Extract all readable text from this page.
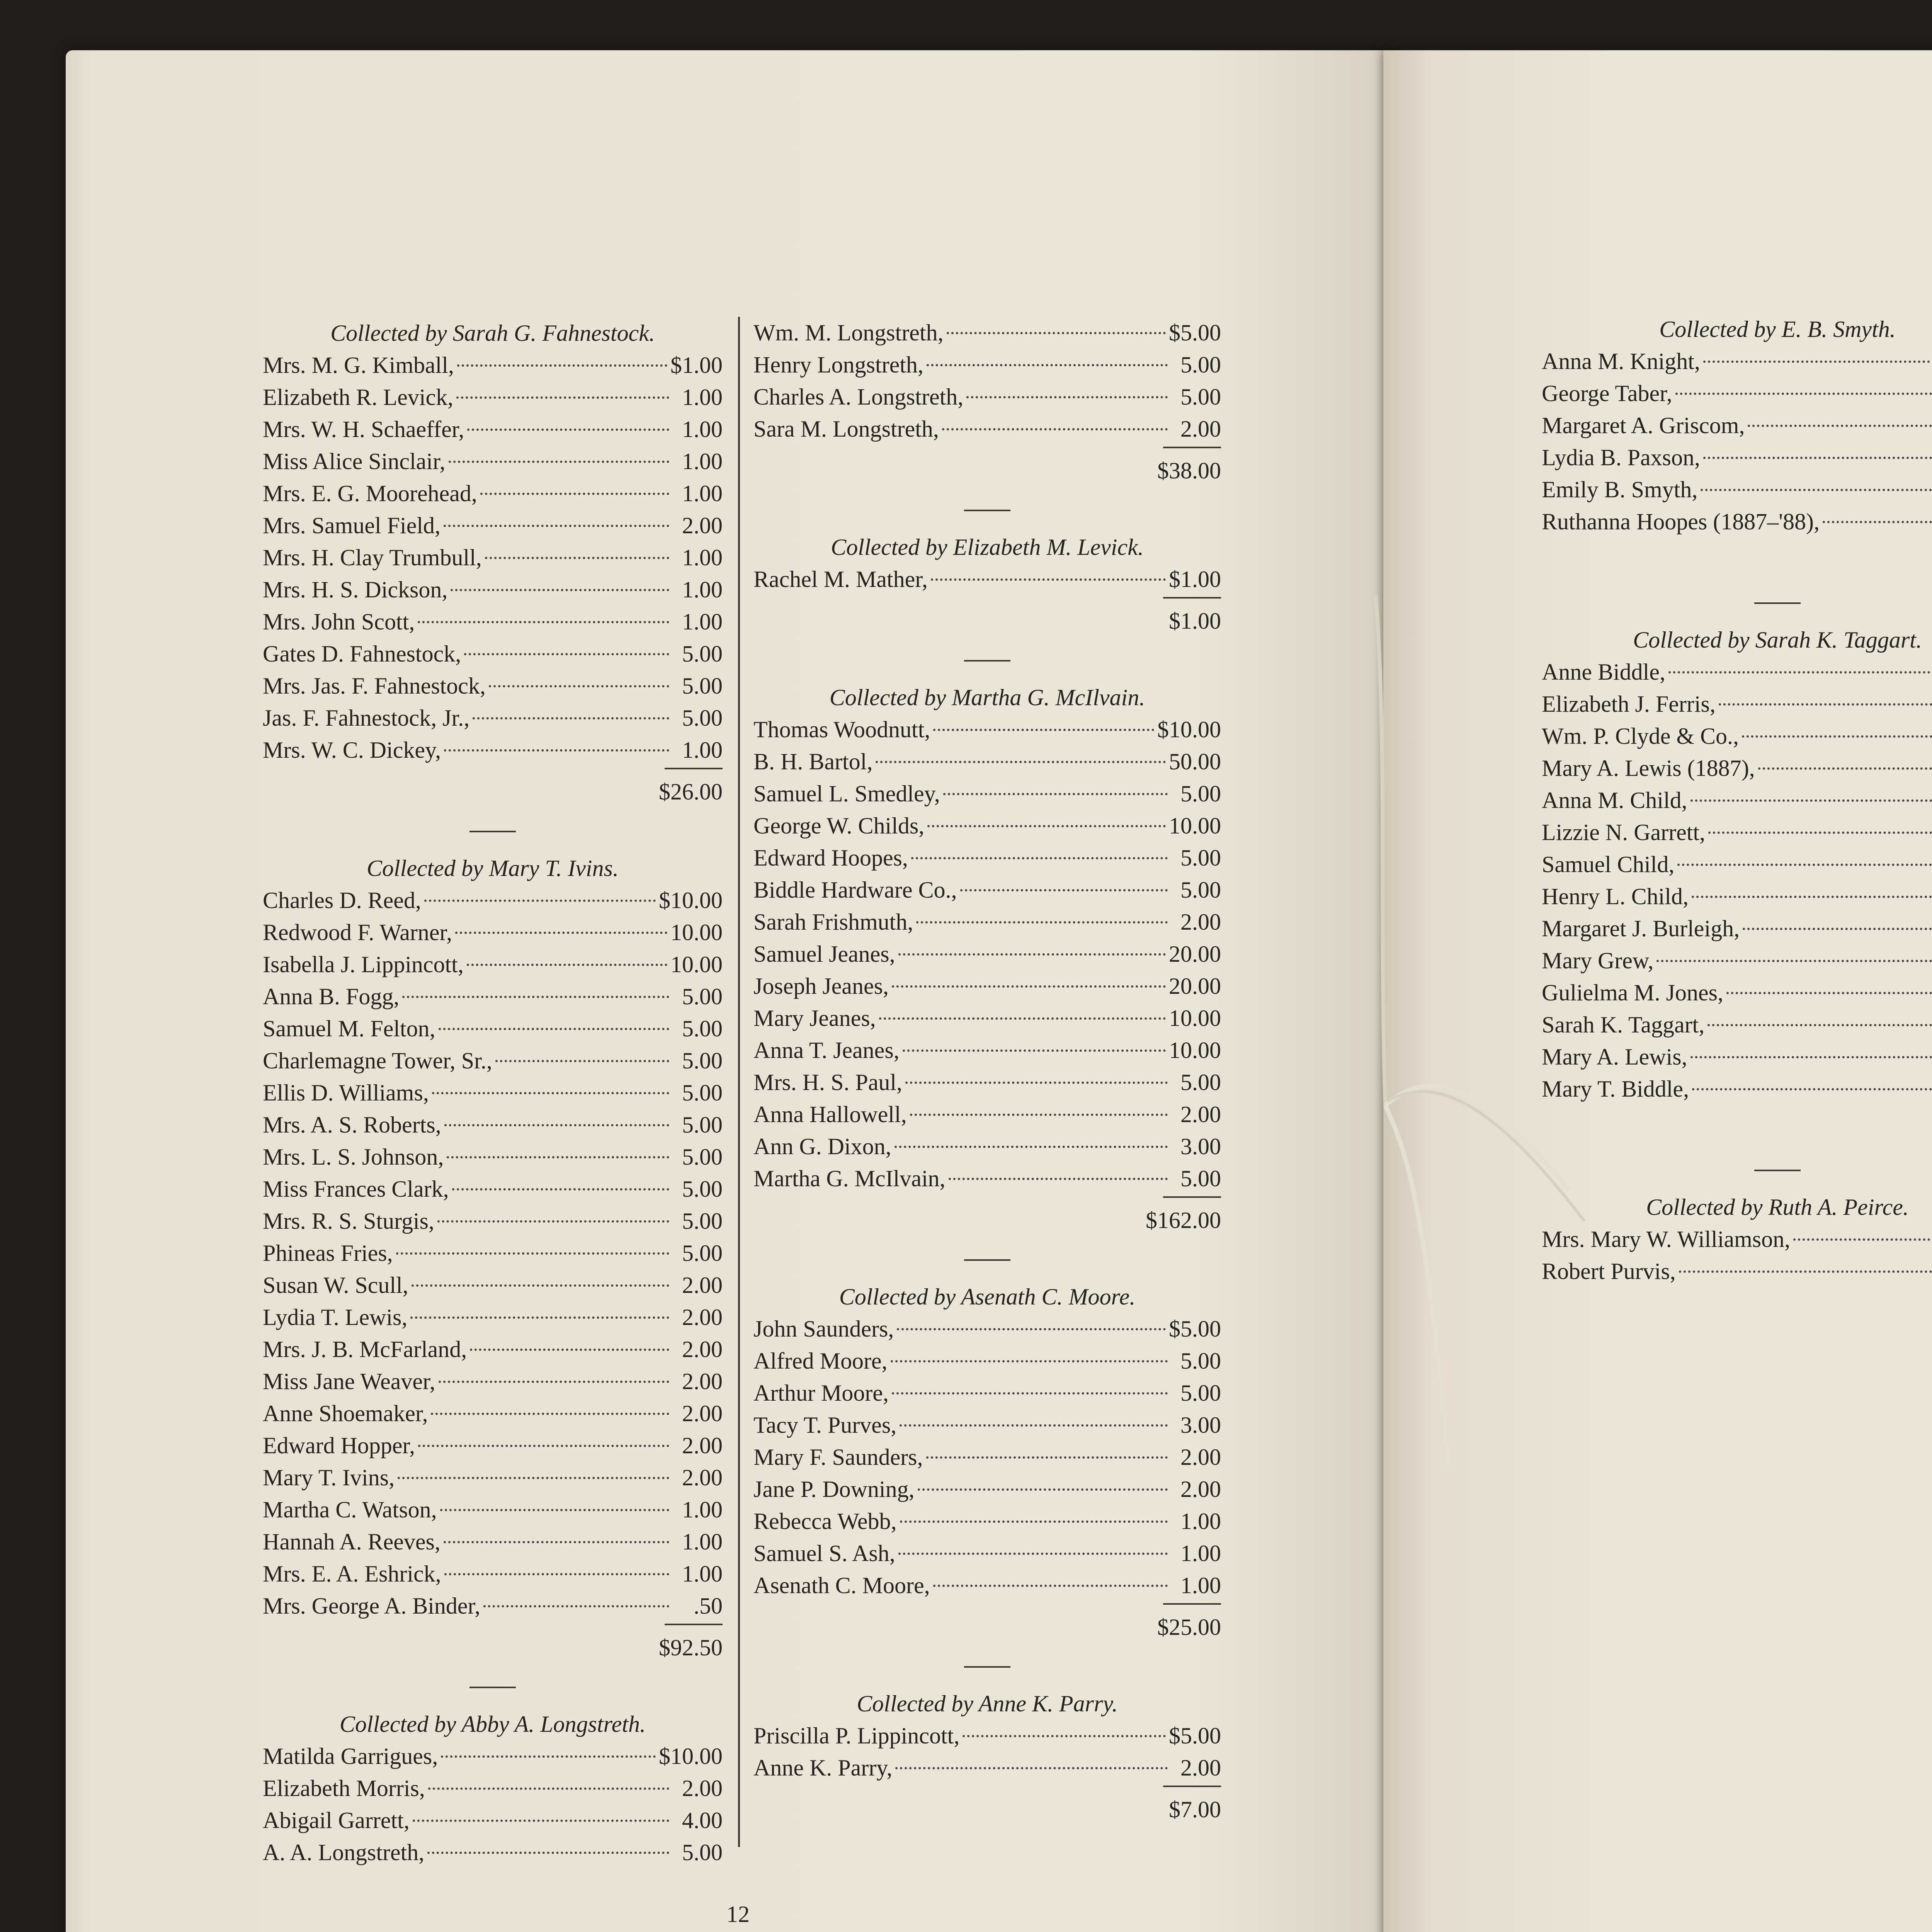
Collected by Sarah G. Fahnestock.
Mrs. M. G. Kimball,	$1.00
Elizabeth R. Levick,	1.00
Mrs. W. H. Schaeffer,	1.00
Miss Alice Sinclair,	1.00
Mrs. E. G. Moorehead,	1.00
Mrs. Samuel Field,	2.00
Mrs. H. Clay Trumbull,	1.00
Mrs. H. S. Dickson,	1.00
Mrs. John Scott,	1.00
Gates D. Fahnestock,	5.00
Mrs. Jas. F. Fahnestock,	5.00
Jas. F. Fahnestock, Jr.,	5.00
Mrs. W. C. Dickey,	1.00
$26.00
Collected by Mary T. Ivins.
Charles D. Reed,	$10.00
Redwood F. Warner,	10.00
Isabella J. Lippincott,	10.00
Anna B. Fogg,	5.00
Samuel M. Felton,	5.00
Charlemagne Tower, Sr.,	5.00
Ellis D. Williams,	5.00
Mrs. A. S. Roberts,	5.00
Mrs. L. S. Johnson,	5.00
Miss Frances Clark,	5.00
Mrs. R. S. Sturgis,	5.00
Phineas Fries,	5.00
Susan W. Scull,	2.00
Lydia T. Lewis,	2.00
Mrs. J. B. McFarland,	2.00
Miss Jane Weaver,	2.00
Anne Shoemaker,	2.00
Edward Hopper,	2.00
Mary T. Ivins,	2.00
Martha C. Watson,	1.00
Hannah A. Reeves,	1.00
Mrs. E. A. Eshrick,	1.00
Mrs. George A. Binder,	.50
$92.50
Collected by Abby A. Longstreth.
Matilda Garrigues,	$10.00
Elizabeth Morris,	2.00
Abigail Garrett,	4.00
A. A. Longstreth,	5.00
Wm. M. Longstreth,	$5.00
Henry Longstreth,	5.00
Charles A. Longstreth,	5.00
Sara M. Longstreth,	2.00
$38.00
Collected by Elizabeth M. Levick.
Rachel M. Mather,	$1.00
$1.00
Collected by Martha G. McIlvain.
Thomas Woodnutt,	$10.00
B. H. Bartol,	50.00
Samuel L. Smedley,	5.00
George W. Childs,	10.00
Edward Hoopes,	5.00
Biddle Hardware Co.,	5.00
Sarah Frishmuth,	2.00
Samuel Jeanes,	20.00
Joseph Jeanes,	20.00
Mary Jeanes,	10.00
Anna T. Jeanes,	10.00
Mrs. H. S. Paul,	5.00
Anna Hallowell,	2.00
Ann G. Dixon,	3.00
Martha G. McIlvain,	5.00
$162.00
Collected by Asenath C. Moore.
John Saunders,	$5.00
Alfred Moore,	5.00
Arthur Moore,	5.00
Tacy T. Purves,	3.00
Mary F. Saunders,	2.00
Jane P. Downing,	2.00
Rebecca Webb,	1.00
Samuel S. Ash,	1.00
Asenath C. Moore,	1.00
$25.00
Collected by Anne K. Parry.
Priscilla P. Lippincott,	$5.00
Anne K. Parry,	2.00
$7.00
12
Collected by E. B. Smyth.
Anna M. Knight,
George Taber,
Margaret A. Griscom,
Lydia B. Paxson,
Emily B. Smyth,
Ruthanna Hoopes (1887–'88),
Collected by Sarah K. Taggart.
Anne Biddle,
Elizabeth J. Ferris,
Wm. P. Clyde & Co.,
Mary A. Lewis (1887),
Anna M. Child,
Lizzie N. Garrett,
Samuel Child,
Henry L. Child,
Margaret J. Burleigh,
Mary Grew,
Gulielma M. Jones,
Sarah K. Taggart,
Mary A. Lewis,
Mary T. Biddle,
Collected by Ruth A. Peirce.
Mrs. Mary W. Williamson,
Robert Purvis,
